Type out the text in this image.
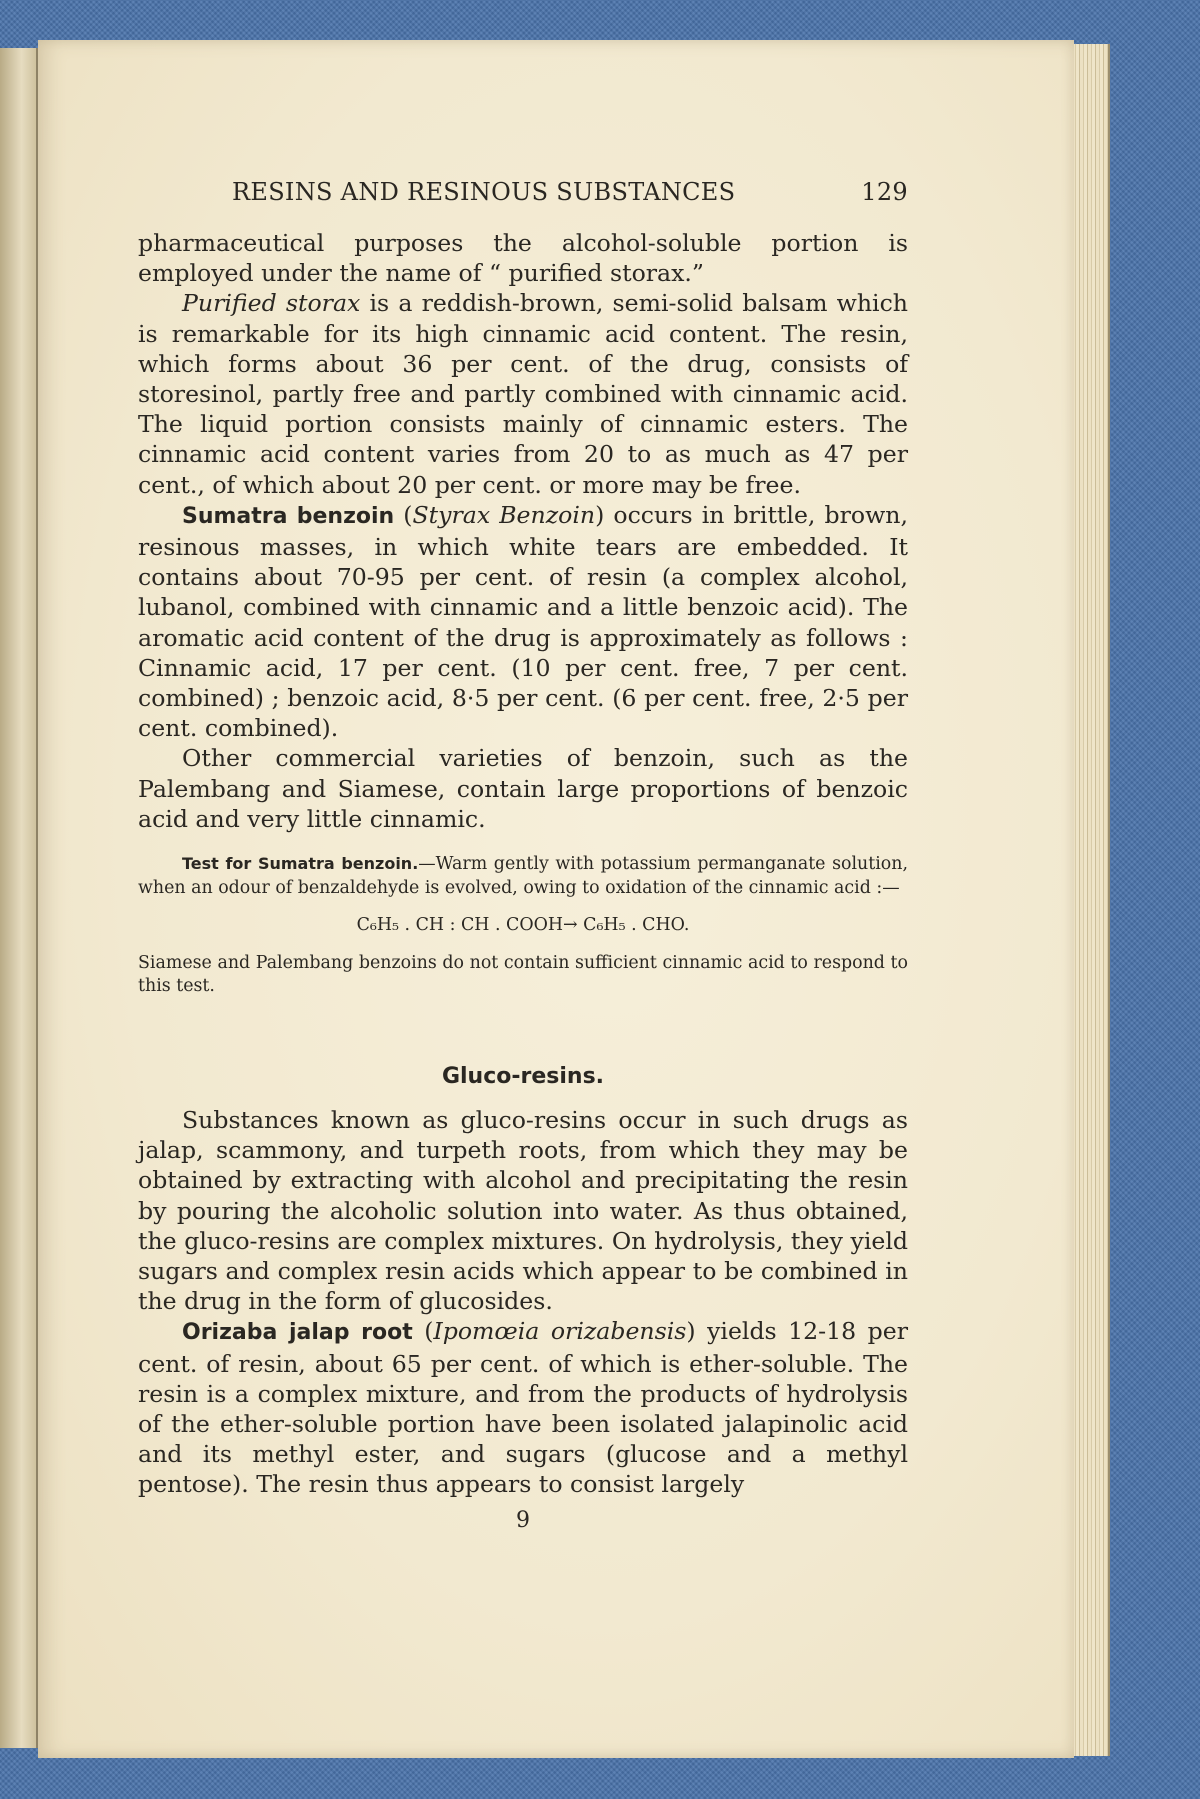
RESINS AND RESINOUS SUBSTANCES	129

pharmaceutical purposes the alcohol-soluble portion is employed under the name of “ purified storax.”

Purified storax is a reddish-brown, semi-solid balsam which is remarkable for its high cinnamic acid content. The resin, which forms about 36 per cent. of the drug, consists of storesinol, partly free and partly combined with cinnamic acid. The liquid portion consists mainly of cinnamic esters. The cinnamic acid content varies from 20 to as much as 47 per cent., of which about 20 per cent. or more may be free.

Sumatra benzoin (Styrax Benzoin) occurs in brittle, brown, resinous masses, in which white tears are embedded. It contains about 70-95 per cent. of resin (a complex alcohol, lubanol, combined with cinnamic and a little benzoic acid). The aromatic acid content of the drug is approximately as follows : Cinnamic acid, 17 per cent. (10 per cent. free, 7 per cent. combined) ; benzoic acid, 8·5 per cent. (6 per cent. free, 2·5 per cent. combined).

Other commercial varieties of benzoin, such as the Palembang and Siamese, contain large proportions of benzoic acid and very little cinnamic.

Test for Sumatra benzoin.—Warm gently with potassium permanganate solution, when an odour of benzaldehyde is evolved, owing to oxidation of the cinnamic acid :—

C₆H₅ . CH : CH . COOH→ C₆H₅ . CHO.

Siamese and Palembang benzoins do not contain sufficient cinnamic acid to respond to this test.

Gluco-resins.

Substances known as gluco-resins occur in such drugs as jalap, scammony, and turpeth roots, from which they may be obtained by extracting with alcohol and precipitating the resin by pouring the alcoholic solution into water. As thus obtained, the gluco-resins are complex mixtures. On hydrolysis, they yield sugars and complex resin acids which appear to be combined in the drug in the form of glucosides.

Orizaba jalap root (Ipomœia orizabensis) yields 12-18 per cent. of resin, about 65 per cent. of which is ether-soluble. The resin is a complex mixture, and from the products of hydrolysis of the ether-soluble portion have been isolated jalapinolic acid and its methyl ester, and sugars (glucose and a methyl pentose). The resin thus appears to consist largely

9
